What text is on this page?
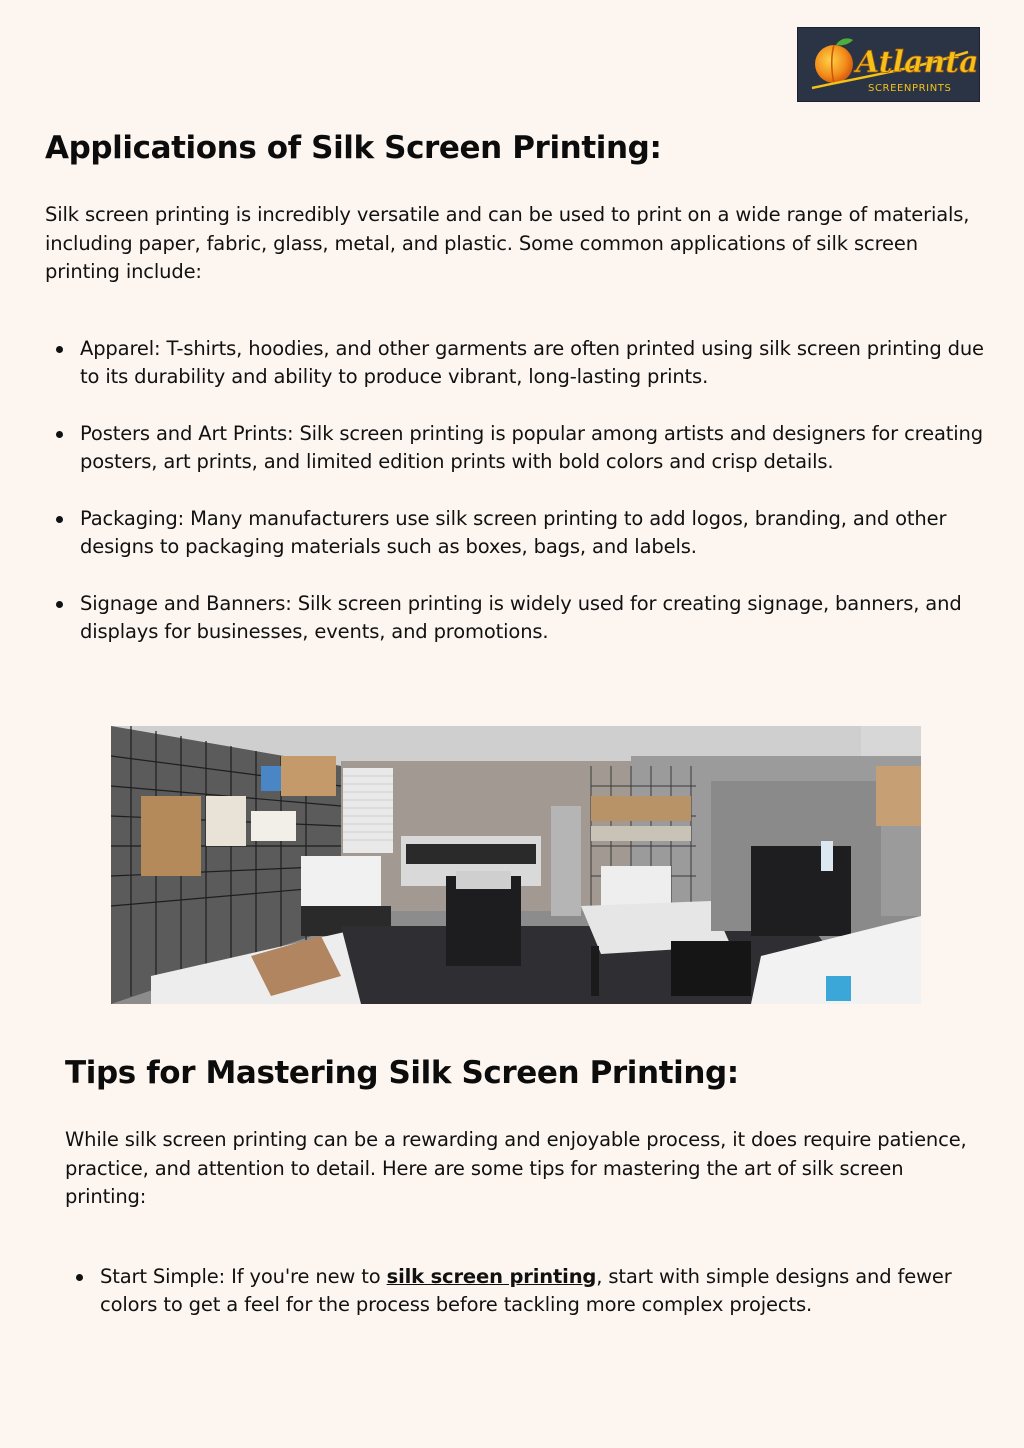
Atlanta
SCREENPRINTS
Applications of Silk Screen Printing:

Silk screen printing is incredibly versatile and can be used to print on a wide range of materials, including paper, fabric, glass, metal, and plastic. Some common applications of silk screen printing include:

Apparel: T-shirts, hoodies, and other garments are often printed using silk screen printing due to its durability and ability to produce vibrant, long-lasting prints.
Posters and Art Prints: Silk screen printing is popular among artists and designers for creating posters, art prints, and limited edition prints with bold colors and crisp details.
Packaging: Many manufacturers use silk screen printing to add logos, branding, and other designs to packaging materials such as boxes, bags, and labels.
Signage and Banners: Silk screen printing is widely used for creating signage, banners, and displays for businesses, events, and promotions.
Tips for Mastering Silk Screen Printing:

While silk screen printing can be a rewarding and enjoyable process, it does require patience, practice, and attention to detail. Here are some tips for mastering the art of silk screen printing:

Start Simple: If you're new to silk screen printing, start with simple designs and fewer colors to get a feel for the process before tackling more complex projects.
